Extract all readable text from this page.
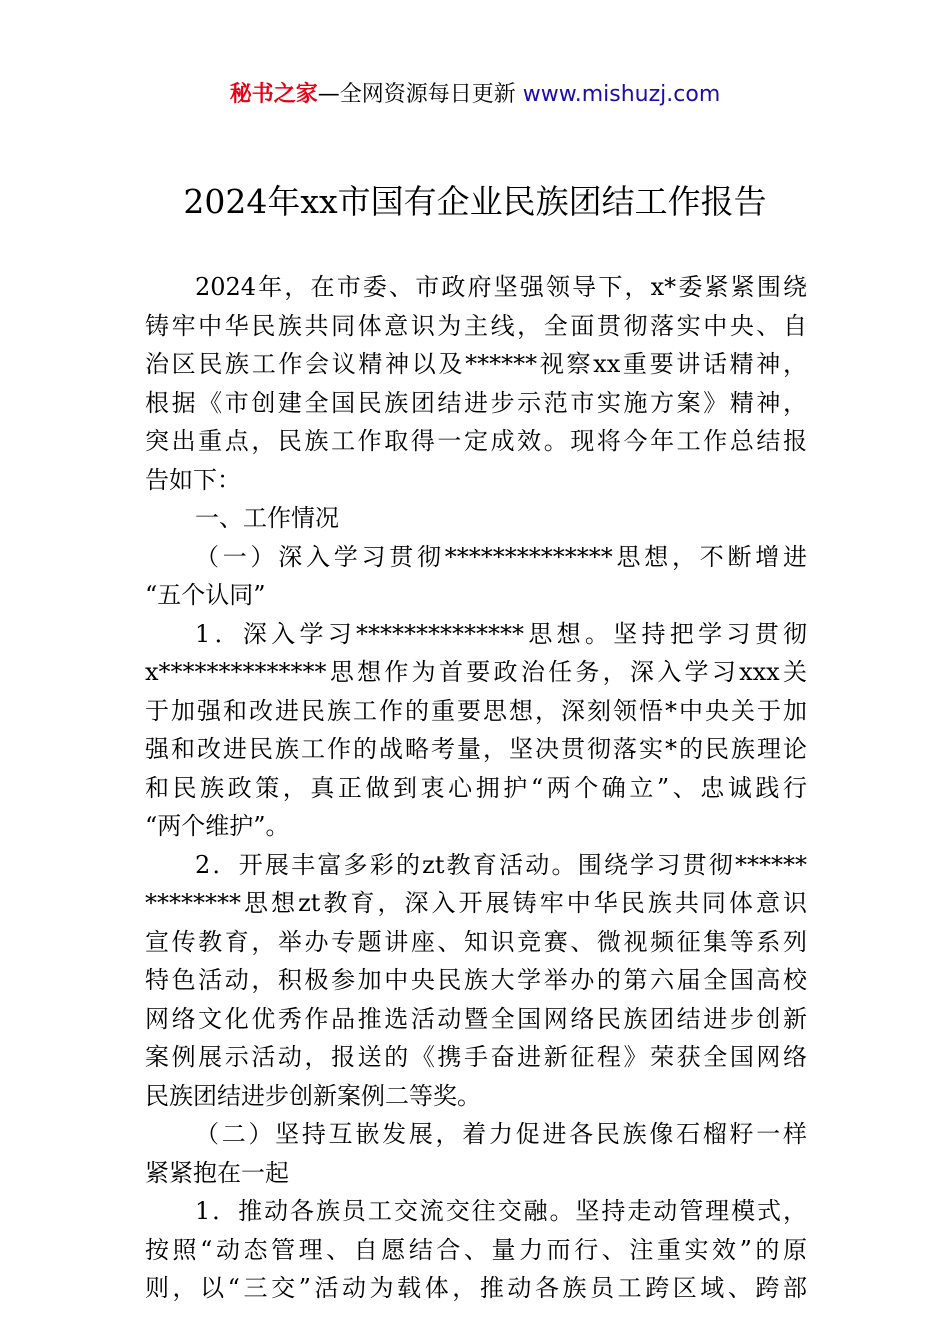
秘书之家—全网资源每日更新 www.mishuzj.com
2024年xx市国有企业民族团结工作报告
2024年，在市委、市政府坚强领导下，x*委紧紧围绕
铸牢中华民族共同体意识为主线，全面贯彻落实中央、自
治区民族工作会议精神以及******视察xx重要讲话精神，
根据《市创建全国民族团结进步示范市实施方案》精神，
突出重点，民族工作取得一定成效。现将今年工作总结报
告如下：
一、工作情况
（一）深入学习贯彻**************思想，不断增进
“五个认同”
1．深入学习**************思想。坚持把学习贯彻
x**************思想作为首要政治任务，深入学习xxx关
于加强和改进民族工作的重要思想，深刻领悟*中央关于加
强和改进民族工作的战略考量，坚决贯彻落实*的民族理论
和民族政策，真正做到衷心拥护“两个确立”、忠诚践行
“两个维护”。
2．开展丰富多彩的zt教育活动。围绕学习贯彻******
********思想zt教育，深入开展铸牢中华民族共同体意识
宣传教育，举办专题讲座、知识竞赛、微视频征集等系列
特色活动，积极参加中央民族大学举办的第六届全国高校
网络文化优秀作品推选活动暨全国网络民族团结进步创新
案例展示活动，报送的《携手奋进新征程》荣获全国网络
民族团结进步创新案例二等奖。
（二）坚持互嵌发展，着力促进各民族像石榴籽一样
紧紧抱在一起
1．推动各族员工交流交往交融。坚持走动管理模式，
按照“动态管理、自愿结合、量力而行、注重实效”的原
则，以“三交”活动为载体，推动各族员工跨区域、跨部
